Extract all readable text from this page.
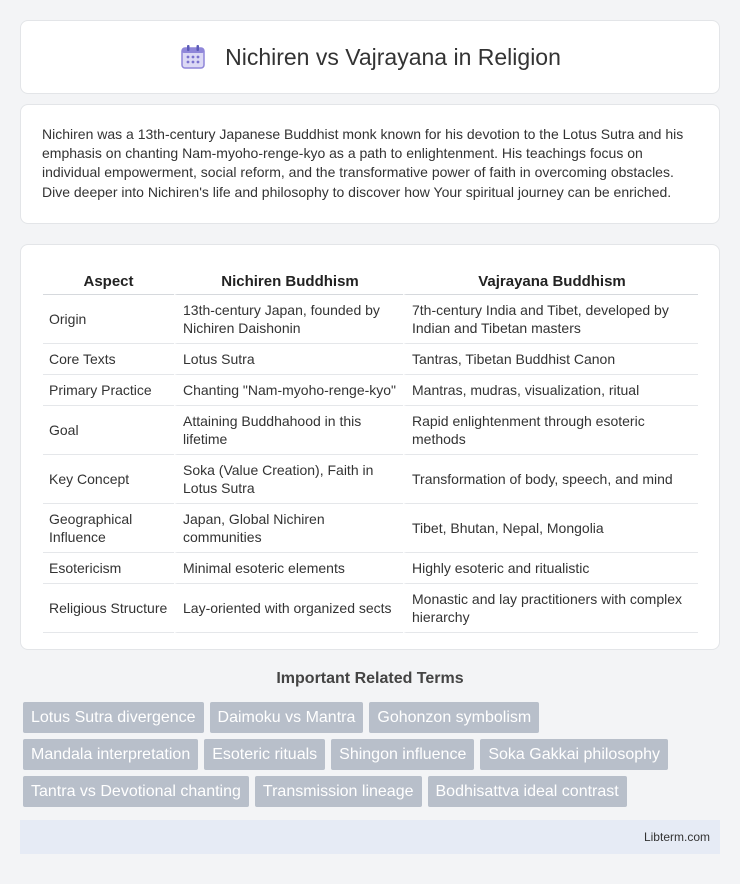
Nichiren vs Vajrayana in Religion

Nichiren was a 13th-century Japanese Buddhist monk known for his devotion to the Lotus Sutra and his emphasis on chanting Nam-myoho-renge-kyo as a path to enlightenment. His teachings focus on individual empowerment, social reform, and the transformative power of faith in overcoming obstacles. Dive deeper into Nichiren's life and philosophy to discover how Your spiritual journey can be enriched.

Aspect	Nichiren Buddhism	Vajrayana Buddhism
Origin	13th-century Japan, founded by Nichiren Daishonin	7th-century India and Tibet, developed by Indian and Tibetan masters
Core Texts	Lotus Sutra	Tantras, Tibetan Buddhist Canon
Primary Practice	Chanting "Nam-myoho-renge-kyo"	Mantras, mudras, visualization, ritual
Goal	Attaining Buddhahood in this lifetime	Rapid enlightenment through esoteric methods
Key Concept	Soka (Value Creation), Faith in Lotus Sutra	Transformation of body, speech, and mind
Geographical Influence	Japan, Global Nichiren communities	Tibet, Bhutan, Nepal, Mongolia
Esotericism	Minimal esoteric elements	Highly esoteric and ritualistic
Religious Structure	Lay-oriented with organized sects	Monastic and lay practitioners with complex hierarchy
Important Related Terms
Lotus Sutra divergence	Daimoku vs Mantra	Gohonzon symbolism
Mandala interpretation	Esoteric rituals	Shingon influence	Soka Gakkai philosophy
Tantra vs Devotional chanting	Transmission lineage	Bodhisattva ideal contrast
Libterm.com
